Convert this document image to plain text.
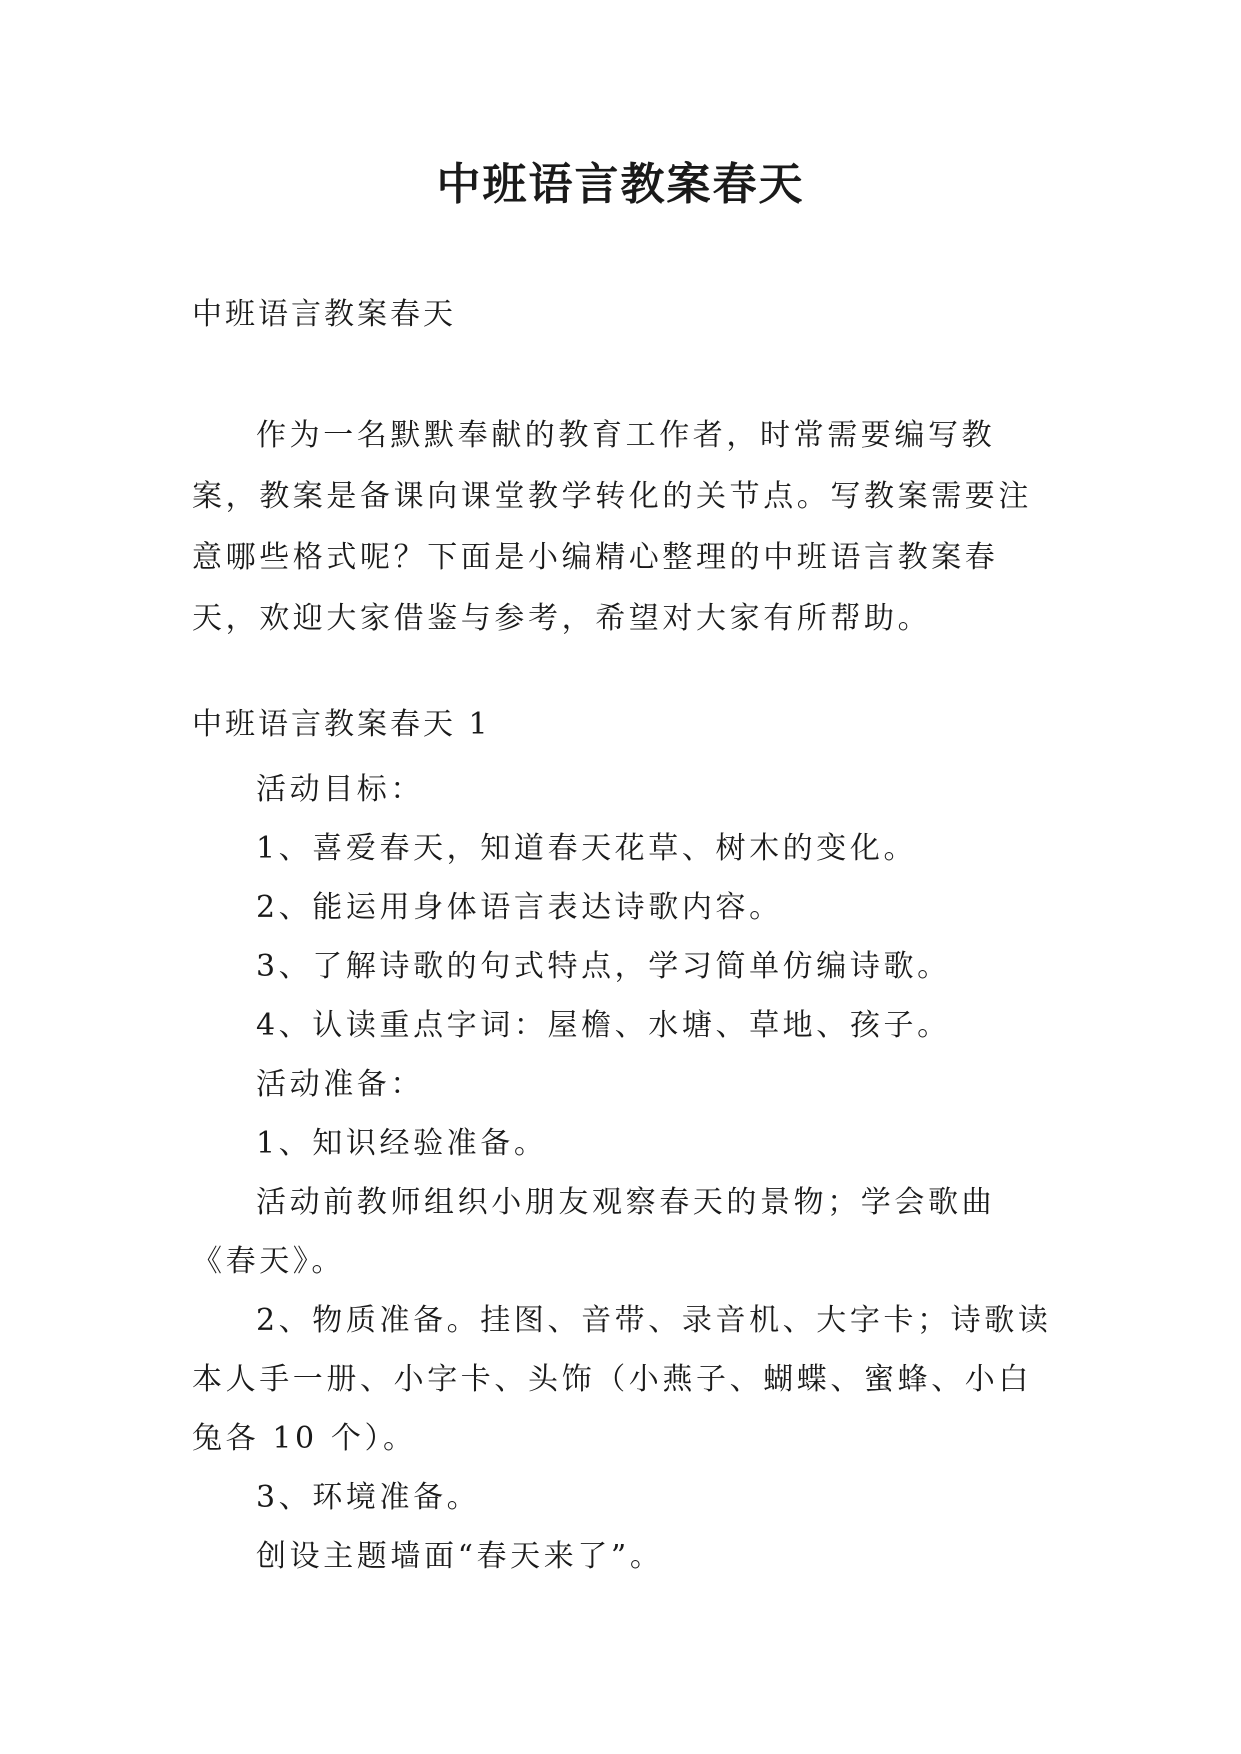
中班语言教案春天
中班语言教案春天

作为一名默默奉献的教育工作者，时常需要编写教案，教案是备课向课堂教学转化的关节点。写教案需要注意哪些格式呢？下面是小编精心整理的中班语言教案春天，欢迎大家借鉴与参考，希望对大家有所帮助。

中班语言教案春天 1

活动目标：

1、喜爱春天，知道春天花草、树木的变化。

2、能运用身体语言表达诗歌内容。

3、了解诗歌的句式特点，学习简单仿编诗歌。

4、认读重点字词：屋檐、水塘、草地、孩子。

活动准备：

1、知识经验准备。

活动前教师组织小朋友观察春天的景物；学会歌曲《春天》。

2、物质准备。挂图、音带、录音机、大字卡；诗歌读本人手一册、小字卡、头饰（小燕子、蝴蝶、蜜蜂、小白兔各 10 个）。

3、环境准备。

创设主题墙面“春天来了”。
